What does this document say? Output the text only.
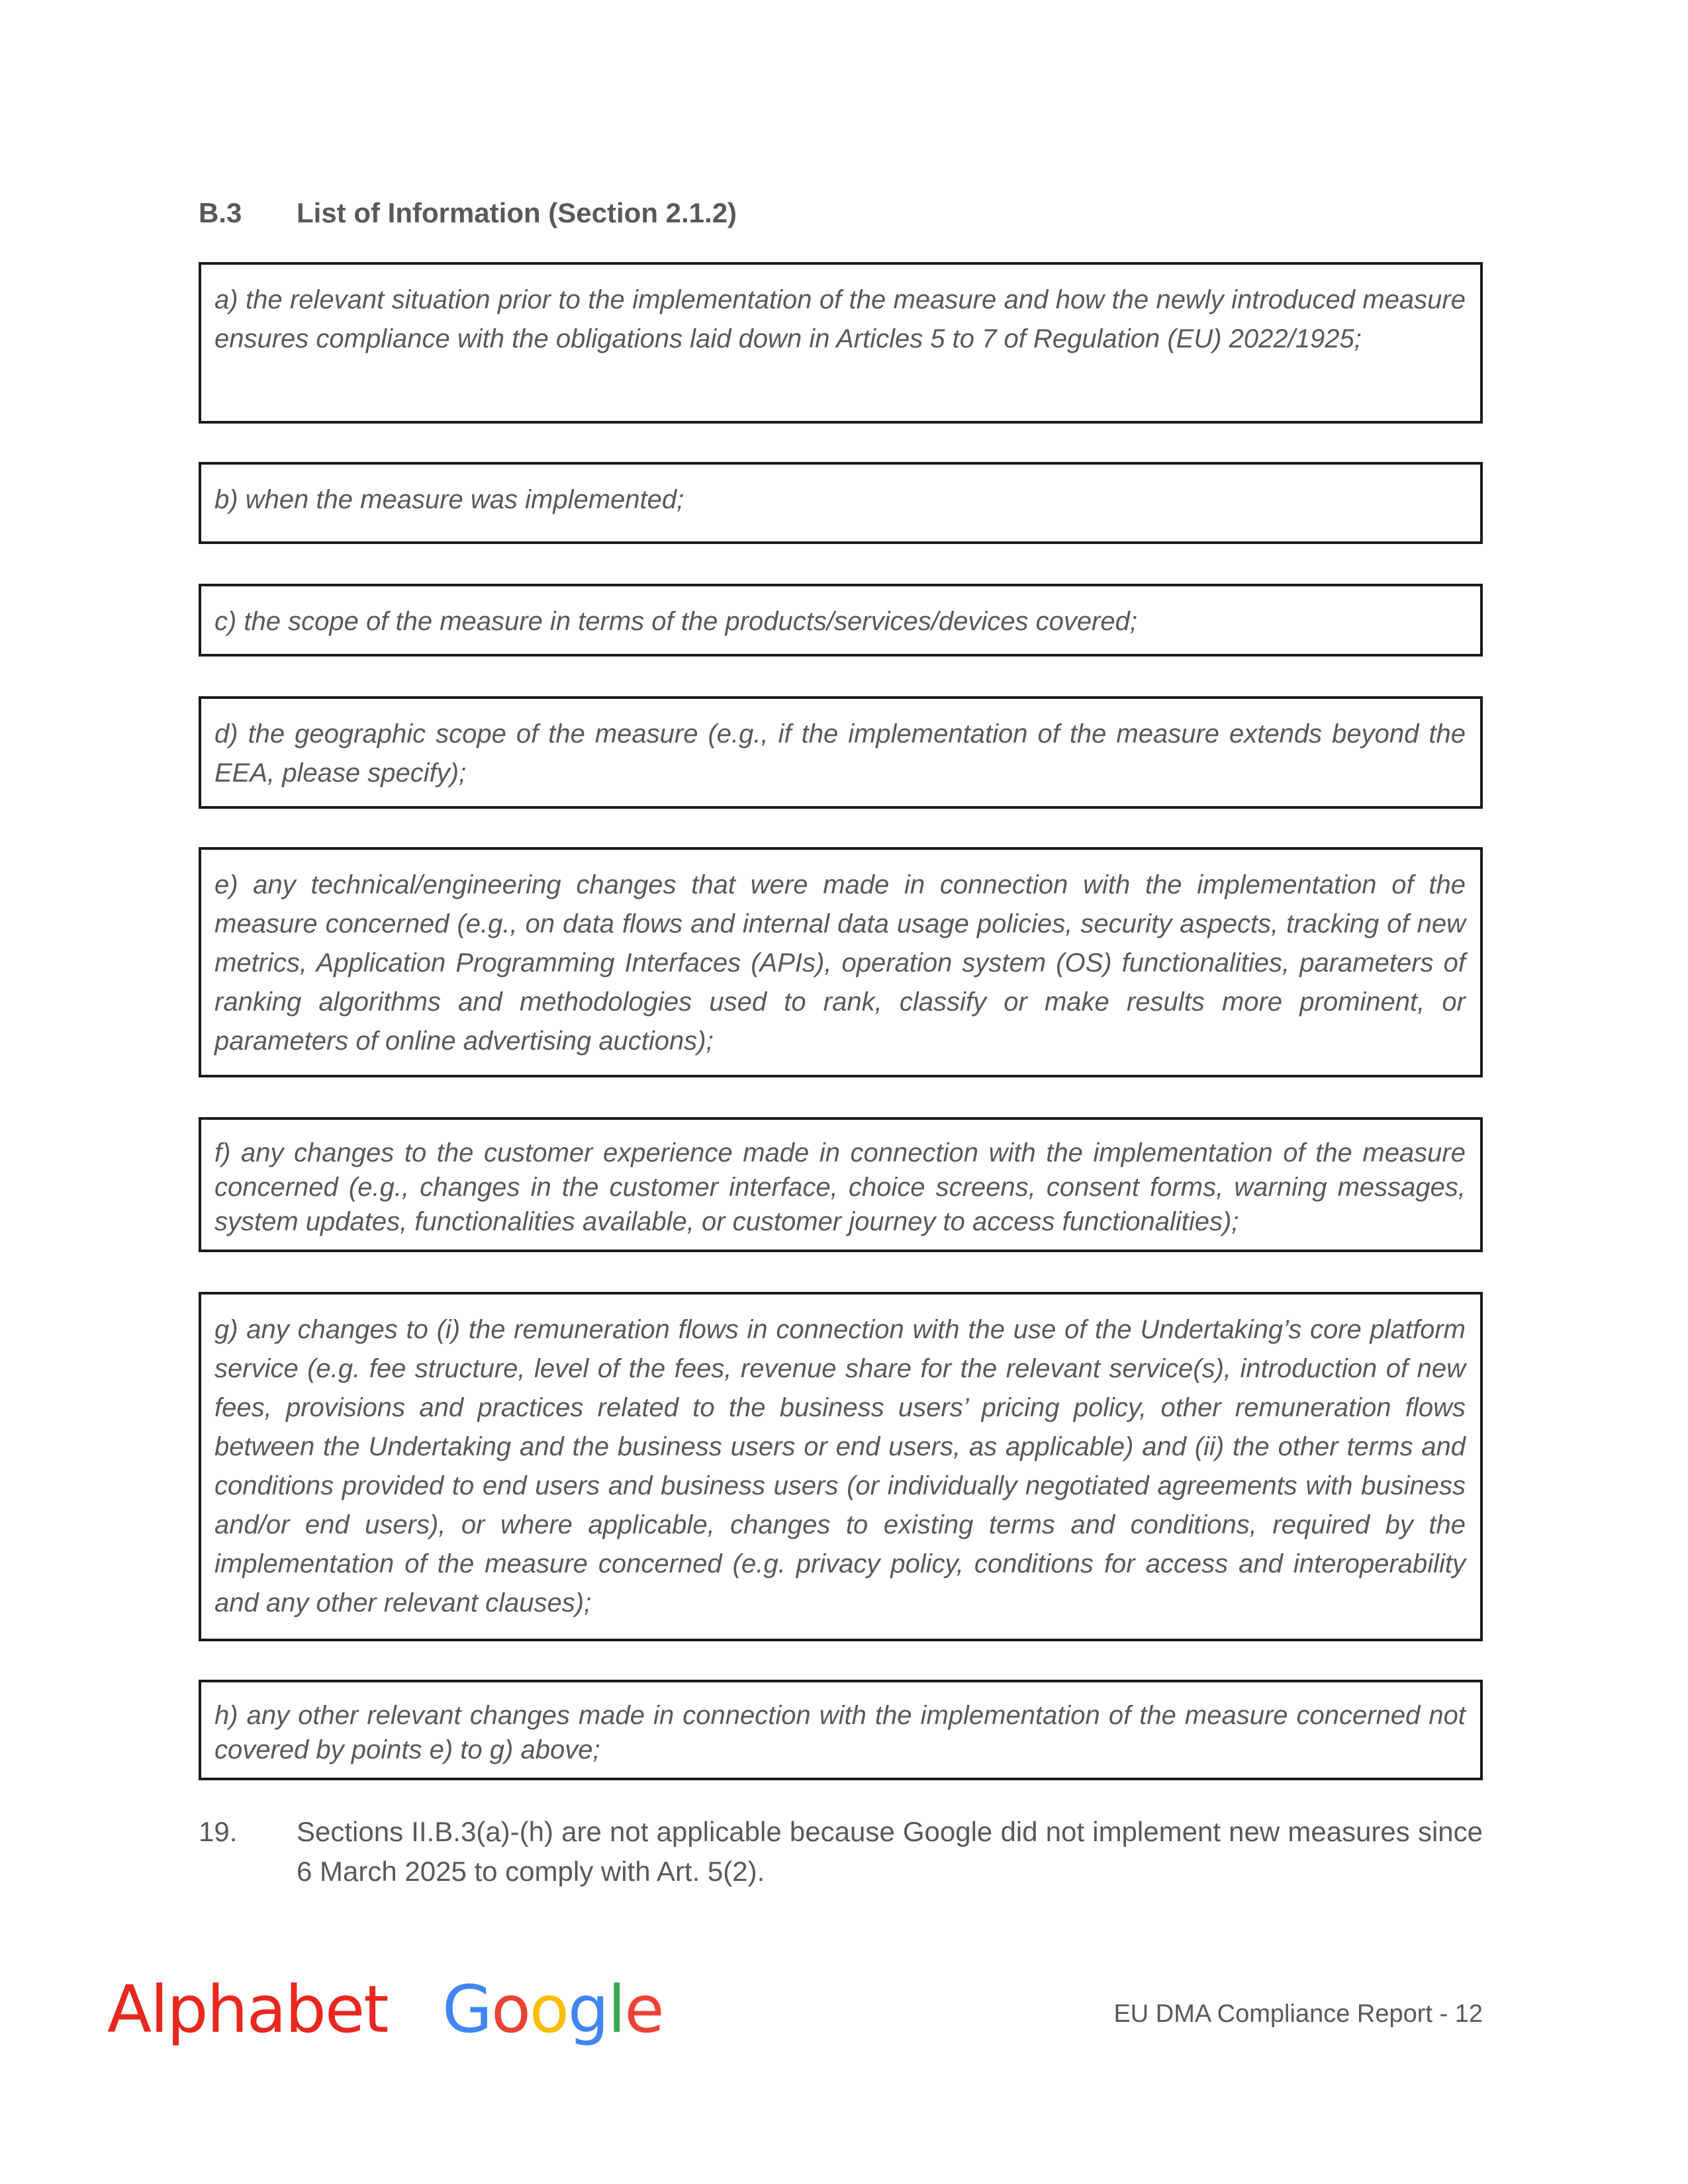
B.3	List of Information (Section 2.1.2)
a) the relevant situation prior to the implementation of the measure and how the newly introduced measure ensures compliance with the obligations laid down in Articles 5 to 7 of Regulation (EU) 2022/1925;
b) when the measure was implemented;
c) the scope of the measure in terms of the products/services/devices covered;
d) the geographic scope of the measure (e.g., if the implementation of the measure extends beyond the EEA, please specify);
e) any technical/engineering changes that were made in connection with the implementation of the measure concerned (e.g., on data flows and internal data usage policies, security aspects, tracking of new metrics, Application Programming Interfaces (APIs), operation system (OS) functionalities, parameters of ranking algorithms and methodologies used to rank, classify or make results more prominent, or parameters of online advertising auctions);
f) any changes to the customer experience made in connection with the implementation of the measure concerned (e.g., changes in the customer interface, choice screens, consent forms, warning messages, system updates, functionalities available, or customer journey to access functionalities);
g) any changes to (i) the remuneration flows in connection with the use of the Undertaking’s core platform service (e.g. fee structure, level of the fees, revenue share for the relevant service(s), introduction of new fees, provisions and practices related to the business users’ pricing policy, other remuneration flows between the Undertaking and the business users or end users, as applicable) and (ii) the other terms and conditions provided to end users and business users (or individually negotiated agreements with business and/or end users), or where applicable, changes to existing terms and conditions, required by the implementation of the measure concerned (e.g. privacy policy, conditions for access and interoperability and any other relevant clauses);
h) any other relevant changes made in connection with the implementation of the measure concerned not covered by points e) to g) above;
19.	Sections II.B.3(a)-(h) are not applicable because Google did not implement new measures since 6 March 2025 to comply with Art. 5(2).
Alphabet Google	EU DMA Compliance Report - 12
